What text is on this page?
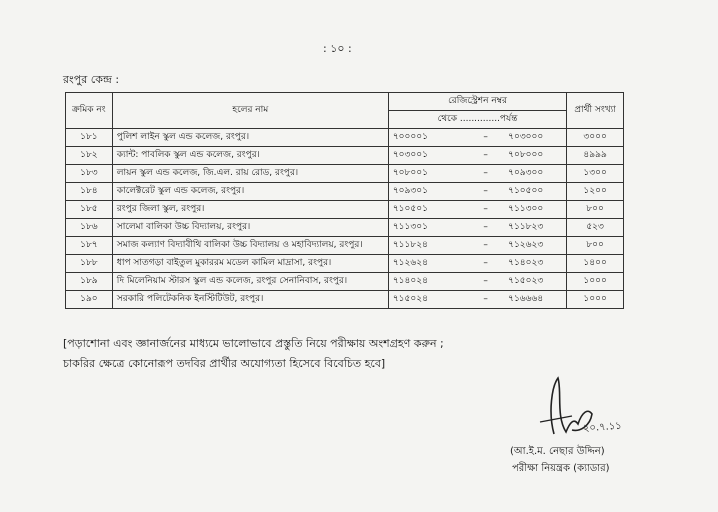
: ১০ :
রংপুর কেন্দ্র :
ক্রমিক নং	হলের নাম	রেজিস্ট্রেশন নম্বর			প্রার্থী সংখ্যা
		থেকে ..............পর্যন্ত			
১৮১	পুলিশ লাইন স্কুল এন্ড কলেজ, রংপুর।	৭০০০০১	–	৭০৩০০০	৩০০০
১৮২	ক্যান্ট: পাবলিক স্কুল এন্ড কলেজ, রংপুর।	৭০৩০০১	–	৭০৮০০০	৪৯৯৯
১৮৩	লায়ন স্কুল এন্ড কলেজ, জি.এল. রায় রোড, রংপুর।	৭০৮০০১	–	৭০৯৩০০	১৩০০
১৮৪	কালেক্টরেট স্কুল এন্ড কলেজ, রংপুর।	৭০৯৩০১	–	৭১০৫০০	১২০০
১৮৫	রংপুর জিলা স্কুল, রংপুর।	৭১০৫০১	–	৭১১৩০০	৮০০
১৮৬	সালেমা বালিকা উচ্চ বিদ্যালয়, রংপুর।	৭১১৩০১	–	৭১১৮২৩	৫২৩
১৮৭	সমাজ কল্যাণ বিদ্যাবীথি বালিকা উচ্চ বিদ্যালয় ও মহাবিদ্যালয়, রংপুর।	৭১১৮২৪	–	৭১২৬২৩	৮০০
১৮৮	ধাপ সাতগড়া বাইতুল মুকাররম মডেল কামিল মাদ্রাসা, রংপুর।	৭১২৬২৪	–	৭১৪০২৩	১৪০০
১৮৯	দি মিলেনিয়াম স্টারস স্কুল এন্ড কলেজ, রংপুর সেনানিবাস, রংপুর।	৭১৪০২৪	–	৭১৫০২৩	১০০০
১৯০	সরকারি পলিটেকনিক ইনস্টিটিউট, রংপুর।	৭১৫০২৪	–	৭১৬৬৬৪	১০০০
[পড়াশোনা এবং জ্ঞানার্জনের মাধ্যমে ভালোভাবে প্রস্তুতি নিয়ে পরীক্ষায় অংশগ্রহণ করুন ;
চাকরির ক্ষেত্রে কোনোরূপ তদবির প্রার্থীর অযোগ্যতা হিসেবে বিবেচিত হবে]
২০.৭.১১
(আ.ই.ম. নেছার উদ্দিন)
পরীক্ষা নিয়ন্ত্রক (ক্যাডার)
